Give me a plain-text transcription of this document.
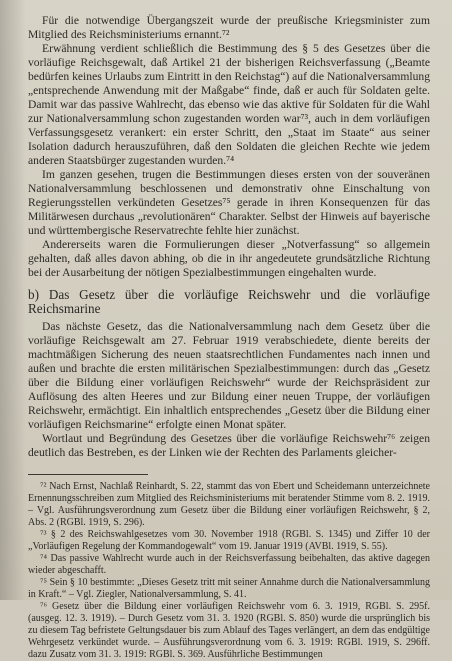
Für die notwendige Übergangszeit wurde der preußische Kriegsminister zum Mitglied des Reichsministeriums ernannt.⁷²

Erwähnung verdient schließlich die Bestimmung des § 5 des Gesetzes über die vorläufige Reichsgewalt, daß Artikel 21 der bisherigen Reichsverfassung („Beamte bedürfen keines Urlaubs zum Eintritt in den Reichstag“) auf die Nationalversammlung „entsprechende Anwendung mit der Maßgabe“ finde, daß er auch für Soldaten gelte. Damit war das passive Wahlrecht, das ebenso wie das aktive für Soldaten für die Wahl zur Nationalversammlung schon zugestanden worden war⁷³, auch in dem vorläufigen Verfassungsgesetz verankert: ein erster Schritt, den „Staat im Staate“ aus seiner Isolation dadurch herauszuführen, daß den Soldaten die gleichen Rechte wie jedem anderen Staatsbürger zugestanden wurden.⁷⁴

Im ganzen gesehen, trugen die Bestimmungen dieses ersten von der souveränen Nationalversammlung beschlossenen und demonstrativ ohne Einschaltung von Regierungsstellen verkündeten Gesetzes⁷⁵ gerade in ihren Konsequenzen für das Militärwesen durchaus „revolutionären“ Charakter. Selbst der Hinweis auf bayerische und württembergische Reservatrechte fehlte hier zunächst.

Andererseits waren die Formulierungen dieser „Notverfassung“ so allgemein gehalten, daß alles davon abhing, ob die in ihr angedeutete grundsätzliche Richtung bei der Ausarbeitung der nötigen Spezialbestimmungen eingehalten wurde.

b) Das Gesetz über die vorläufige Reichswehr und die vorläufige Reichsmarine

Das nächste Gesetz, das die Nationalversammlung nach dem Gesetz über die vorläufige Reichsgewalt am 27. Februar 1919 verabschiedete, diente bereits der machtmäßigen Sicherung des neuen staatsrechtlichen Fundamentes nach innen und außen und brachte die ersten militärischen Spezialbestimmungen: durch das „Gesetz über die Bildung einer vorläufigen Reichswehr“ wurde der Reichspräsident zur Auflösung des alten Heeres und zur Bildung einer neuen Truppe, der vorläufigen Reichswehr, ermächtigt. Ein inhaltlich entsprechendes „Gesetz über die Bildung einer vorläufigen Reichsmarine“ erfolgte einen Monat später.

Wortlaut und Begründung des Gesetzes über die vorläufige Reichswehr⁷⁶ zeigen deutlich das Bestreben, es der Linken wie der Rechten des Parlaments gleicher-

⁷² Nach Ernst, Nachlaß Reinhardt, S. 22, stammt das von Ebert und Scheidemann unterzeichnete Ernennungsschreiben zum Mitglied des Reichsministeriums mit beratender Stimme vom 8. 2. 1919. – Vgl. Ausführungsverordnung zum Gesetz über die Bildung einer vorläufigen Reichswehr, § 2, Abs. 2 (RGBl. 1919, S. 296).

⁷³ § 2 des Reichswahlgesetzes vom 30. November 1918 (RGBl. S. 1345) und Ziffer 10 der „Vorläufigen Regelung der Kommandogewalt“ vom 19. Januar 1919 (AVBl. 1919, S. 55).

⁷⁴ Das passive Wahlrecht wurde auch in der Reichsverfassung beibehalten, das aktive dagegen wieder abgeschafft.

⁷⁵ Sein § 10 bestimmte: „Dieses Gesetz tritt mit seiner Annahme durch die Nationalversammlung in Kraft.“ – Vgl. Ziegler, Nationalversammlung, S. 41.

⁷⁶ Gesetz über die Bildung einer vorläufigen Reichswehr vom 6. 3. 1919, RGBl. S. 295f. (ausgeg. 12. 3. 1919). – Durch Gesetz vom 31. 3. 1920 (RGBl. S. 850) wurde die ursprünglich bis zu diesem Tag befristete Geltungsdauer bis zum Ablauf des Tages verlängert, an dem das endgültige Wehrgesetz verkündet wurde. – Ausführungsverordnung vom 6. 3. 1919: RGBl. 1919, S. 296ff. dazu Zusatz vom 31. 3. 1919: RGBl. S. 369. Ausführliche Bestimmungen
